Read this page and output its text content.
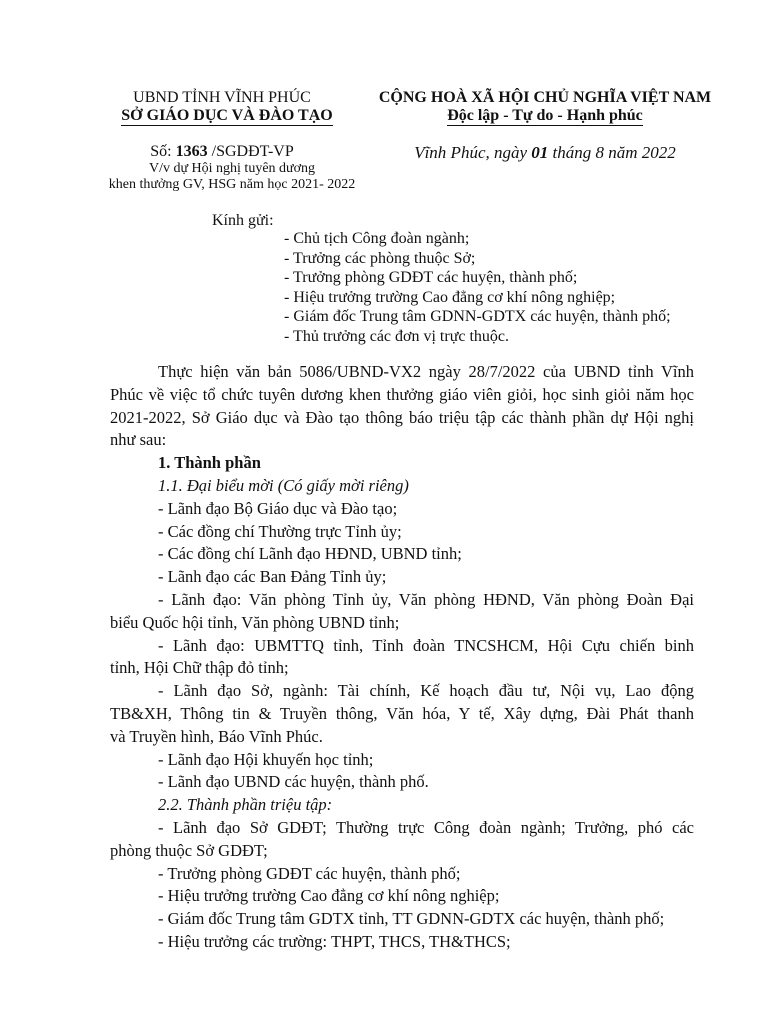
UBND TỈNH VĨNH PHÚC
SỞ GIÁO DỤC VÀ ĐÀO TẠO
Số: 1363 /SGDĐT-VP
V/v dự Hội nghị tuyên dương
khen thưởng GV, HSG năm học 2021- 2022
CỘNG HOÀ XÃ HỘI CHỦ NGHĨA VIỆT NAM
Độc lập - Tự do - Hạnh phúc
Vĩnh Phúc, ngày 01 tháng 8 năm 2022
Kính gửi:
- Chủ tịch Công đoàn ngành;
- Trưởng các phòng thuộc Sở;
- Trưởng phòng GDĐT các huyện, thành phố;
- Hiệu trưởng trường Cao đẳng cơ khí nông nghiệp;
- Giám đốc Trung tâm GDNN-GDTX các huyện, thành phố;
- Thủ trưởng các đơn vị trực thuộc.
Thực hiện văn bản 5086/UBND-VX2 ngày 28/7/2022 của UBND tỉnh Vĩnh
Phúc về việc tổ chức tuyên dương khen thưởng giáo viên giỏi, học sinh giỏi năm học
2021-2022, Sở Giáo dục và Đào tạo thông báo triệu tập các thành phần dự Hội nghị
như sau:
1. Thành phần
1.1. Đại biểu mời (Có giấy mời riêng)
- Lãnh đạo Bộ Giáo dục và Đào tạo;
- Các đồng chí Thường trực Tỉnh ủy;
- Các đồng chí Lãnh đạo HĐND, UBND tỉnh;
- Lãnh đạo các Ban Đảng Tỉnh ủy;
- Lãnh đạo: Văn phòng Tỉnh ủy, Văn phòng HĐND, Văn phòng Đoàn Đại
biểu Quốc hội tỉnh, Văn phòng UBND tỉnh;
- Lãnh đạo: UBMTTQ tỉnh, Tỉnh đoàn TNCSHCM, Hội Cựu chiến binh
tỉnh, Hội Chữ thập đỏ tỉnh;
- Lãnh đạo Sở, ngành: Tài chính, Kế hoạch đầu tư, Nội vụ, Lao động
TB&XH, Thông tin & Truyền thông, Văn hóa, Y tế, Xây dựng, Đài Phát thanh
và Truyền hình, Báo Vĩnh Phúc.
- Lãnh đạo Hội khuyến học tỉnh;
- Lãnh đạo UBND các huyện, thành phố.
2.2. Thành phần triệu tập:
- Lãnh đạo Sở GDĐT; Thường trực Công đoàn ngành; Trưởng, phó các
phòng thuộc Sở GDĐT;
- Trưởng phòng GDĐT các huyện, thành phố;
- Hiệu trưởng trường Cao đẳng cơ khí nông nghiệp;
- Giám đốc Trung tâm GDTX tỉnh, TT GDNN-GDTX các huyện, thành phố;
- Hiệu trưởng các trường: THPT, THCS, TH&THCS;
